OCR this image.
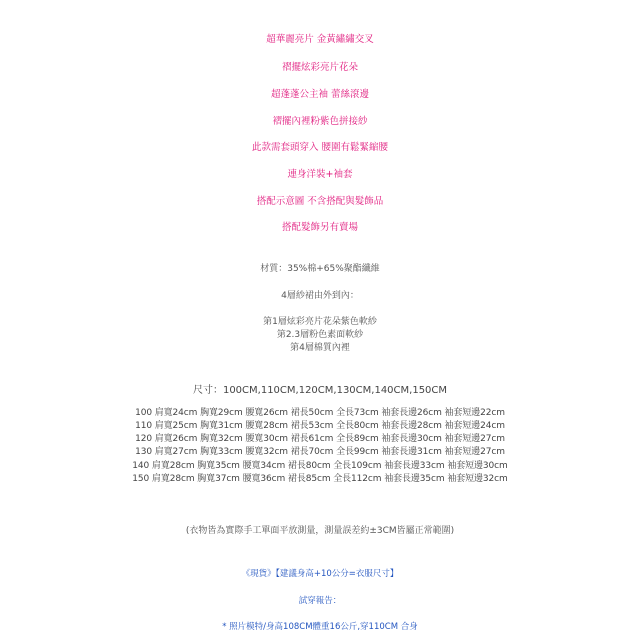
超華麗亮片 金黃繡繡交叉
褶擺炫彩亮片花朵
超蓬蓬公主袖 蕾絲滾邊
褶擺內裡粉紫色拼接紗
此款需套頭穿入 腰圍有鬆緊縮腰
連身洋裝+袖套
搭配示意圖 不含搭配與髮飾品
搭配髮飾另有賣場
材質：35%棉+65%聚酯纖維
4層紗裙由外到內：
第1層炫彩亮片花朵紫色軟紗
第2.3層粉色素面軟紗
第4層棉質內裡
尺寸：100CM,110CM,120CM,130CM,140CM,150CM
100 肩寬24cm 胸寬29cm 腰寬26cm 裙長50cm 全長73cm 袖套長邊26cm 袖套短邊22cm
110 肩寬25cm 胸寬31cm 腰寬28cm 裙長53cm 全長80cm 袖套長邊28cm 袖套短邊24cm
120 肩寬26cm 胸寬32cm 腰寬30cm 裙長61cm 全長89cm 袖套長邊30cm 袖套短邊27cm
130 肩寬27cm 胸寬33cm 腰寬32cm 裙長70cm 全長99cm 袖套長邊31cm 袖套短邊27cm
140 肩寬28cm 胸寬35cm 腰寬34cm 裙長80cm 全長109cm 袖套長邊33cm 袖套短邊30cm
150 肩寬28cm 胸寬37cm 腰寬36cm 裙長85cm 全長112cm 袖套長邊35cm 袖套短邊32cm
(衣物皆為實際手工單面平放測量，測量誤差約±3CM皆屬正常範圍)
《現貨》【建議身高+10公分=衣服尺寸】
試穿報告：
* 照片模特/身高108CM體重16公斤,穿110CM 合身
